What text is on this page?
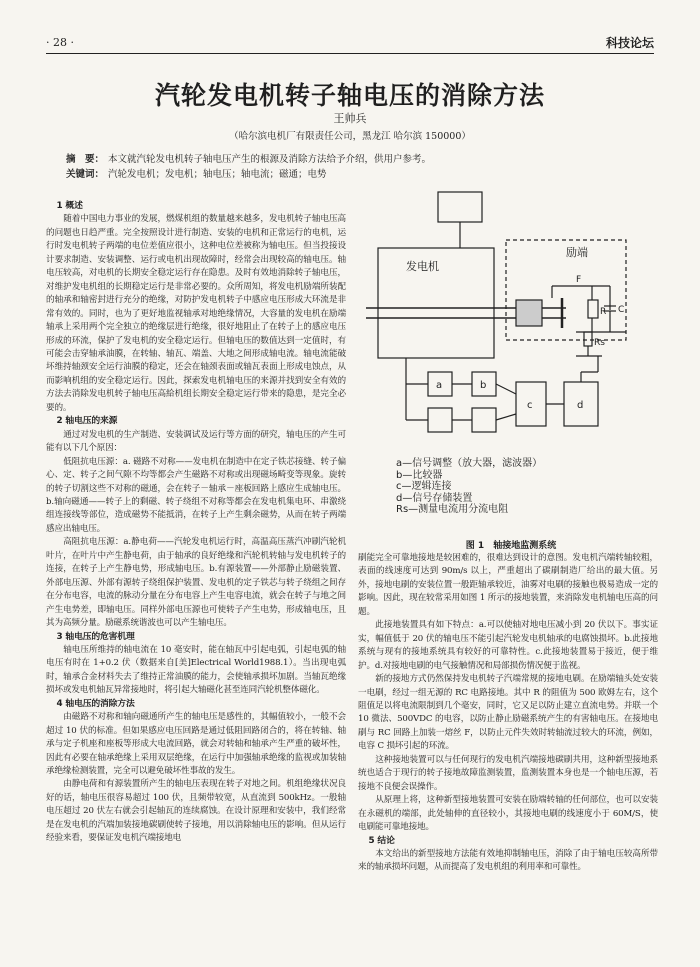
· 28 ·	科技论坛
汽轮发电机转子轴电压的消除方法
王帅兵
（哈尔滨电机厂有限责任公司，黑龙江 哈尔滨 150000）
摘　要： 本文就汽轮发电机转子轴电压产生的根源及消除方法给予介绍，供用户参考。
关键词： 汽轮发电机；发电机；轴电压；轴电流；磁通；电势
1 概述

随着中国电力事业的发展，燃煤机组的数量越来越多，发电机转子轴电压高的问题也日趋严重。完全按照设计进行制造、安装的电机和正常运行的电机，运行时发电机转子两端的电位差值应很小，这种电位差被称为轴电压。但当投接设计要求制造、安装调整、运行或电机出现故障时，经常会出现较高的轴电压。轴电压较高，对电机的长期安全稳定运行存在隐患。及时有效地消除转子轴电压，对维护发电机组的长期稳定运行是非常必要的。众所周知，将发电机励端所装配的轴承和轴密封进行充分的绝缘，对防护发电机转子中感应电压形成大环流是非常有效的。同时，也为了更好地监视轴承对地绝缘情况，大容量的发电机在励端轴承上采用两个完全独立的绝缘层进行绝缘，很好地阻止了在转子上的感应电压形成的环流，保护了发电机的安全稳定运行。但轴电压的数值达到一定值时，有可能会击穿轴承油膜，在转轴、轴瓦、端盖、大地之间形成轴电流。轴电流能破坏维持轴颈安全运行油膜的稳定，还会在轴颈表面或轴瓦表面上形成电蚀点，从而影响机组的安全稳定运行。因此，探索发电机轴电压的来源并找到安全有效的方法去消除发电机转子轴电压高給机组长期安全稳定运行带来的隐患，是完全必要的。

2 轴电压的来源

通过对发电机的生产制造、安装调试及运行等方面的研究，轴电压的产生可能有以下几个原因：

低阻抗电压源：a. 磁路不对称——发电机在制造中在定子铁芯接缝、转子偏心、定、转子之间气隙不均等都会产生磁路不对称或出现磁场畸变等现象。旋转的转子切割这些不对称的磁通，会在转子－轴承－座板回路上感应生成轴电压。b.轴向磁通——转子上的剩磁、转子绕组不对称等都会在发电机集电环、串激绕组连接线等部位，造成磁势不能抵消，在转子上产生剩余磁势，从而在转子两端感应出轴电压。

高阻抗电压源：a.静电荷——汽轮发电机运行时，高温高压蒸汽冲刷汽轮机叶片，在叶片中产生静电荷，由于轴承的良好绝缘和汽轮机转轴与发电机转子的连接，在转子上产生静电势，形成轴电压。b.有源装置——外部静止励磁装置、外部电压源、外部有源转子绕组保护装置、发电机的定子铁芯与转子绕组之间存在分布电容，电流的脉动分量在分布电容上产生电容电流，就会在转子与地之间产生电势差，即轴电压。同样外部电压源也可使转子产生电势，形成轴电压，且其为高频分量。励磁系统谐波也可以产生轴电压。

3 轴电压的危害机理

轴电压所维持的轴电流在 10 毫安时，能在轴瓦中引起电弧，引起电弧的轴电压有时在 1+0.2 伏（数据来自[美]Electrical World1988.1）。当出现电弧时，轴承合金材料失去了维持正常油膜的能力，会使轴承损坏加剧。当轴瓦绝缘损坏或发电机轴瓦异常接地时，将引起大轴磁化甚至连同汽轮机整体磁化。

4 轴电压的消除方法

由磁路不对称和轴向磁通所产生的轴电压是感性的，其幅值较小，一般不会超过 10 伏的标准。但如果感应电压回路是通过低阻回路闭合的，将在转轴、轴承与定子机座和座板等形成大电流回路，就会对转轴和轴承产生严重的破坏性，因此有必要在轴承绝缘上采用双层绝缘，在运行中加强轴承绝缘的监视或加装轴承绝缘检测装置，完全可以避免破坏性事故的发生。

由静电荷和有源装置所产生的轴电压表现在转子对地之间。机组绝缘状况良好的话，轴电压很容易超过 100 伏，且频带较宽，从直流到 500kHz。一般轴电压超过 20 伏左右就会引起轴瓦的连续腐蚀。在设计原理和安装中，我们经常是在发电机的汽端加装接地碳刷使转子接地，用以消除轴电压的影响。但从运行经验来看，要保证发电机汽端接地电

发电机
励端
R C
F
Rs
a	b
c	d
a—信号调整（放大器，滤波器）
b—比较器
c—逻辑连接
d—信号存储装置
Rs—测量电流用分流电阻
图 1　轴接地监测系统

刷能完全可靠地接地是较困难的，很难达到设计的意图。发电机汽端转轴较粗，表面的线速度可达到 90m/s 以上，严重超出了碳刷制造厂给出的最大值。另外，接地电刷的安装位置一般距轴承较近，油雾对电刷的接触也极易造成一定的影响。因此，现在较常采用如图 1 所示的接地装置，来消除发电机轴电压高的问题。

此接地装置具有如下特点：a.可以使轴对地电压减小到 20 伏以下。事实证实，幅值低于 20 伏的轴电压不能引起汽轮发电机轴承的电腐蚀损坏。b.此接地系统与现有的接地系统具有较好的可靠特性。c.此接地装置易于接近，便于维护。d.对接地电刷的电气接触情况和局部损伤情况便于监视。

新的接地方式仍然保持发电机转子汽端常规的接地电刷。在励端轴头处安装一电刷，经过一组无源的 RC 电路接地。其中 R 的阻值为 500 欧姆左右，这个阻值足以将电流限制到几个毫安，同时，它又足以防止建立直流电势。并联一个 10 微法、500VDC 的电容，以防止静止励磁系统产生的有害轴电压。在接地电刷与 RC 回路上加装一熔丝 F，以防止元件失效时转轴流过较大的环流，例如，电容 C 损坏引起的环流。

这种接地装置可以与任何现行的发电机汽端接地碳刷共用，这种新型接地系统也适合于现行的转子接地故障监测装置，监测装置本身也是一个轴电压源，若接地不良便会误操作。

从原理上将，这种新型接地装置可安装在励端转轴的任何部位，也可以安装在永磁机的端部，此处轴伸的直径较小，其接地电刷的线速度小于 60M/S，使电刷能可靠地接地。

5 结论

本文给出的新型接地方法能有效地抑制轴电压，消除了由于轴电压较高所带来的轴承损坏问题，从而提高了发电机组的利用率和可靠性。
